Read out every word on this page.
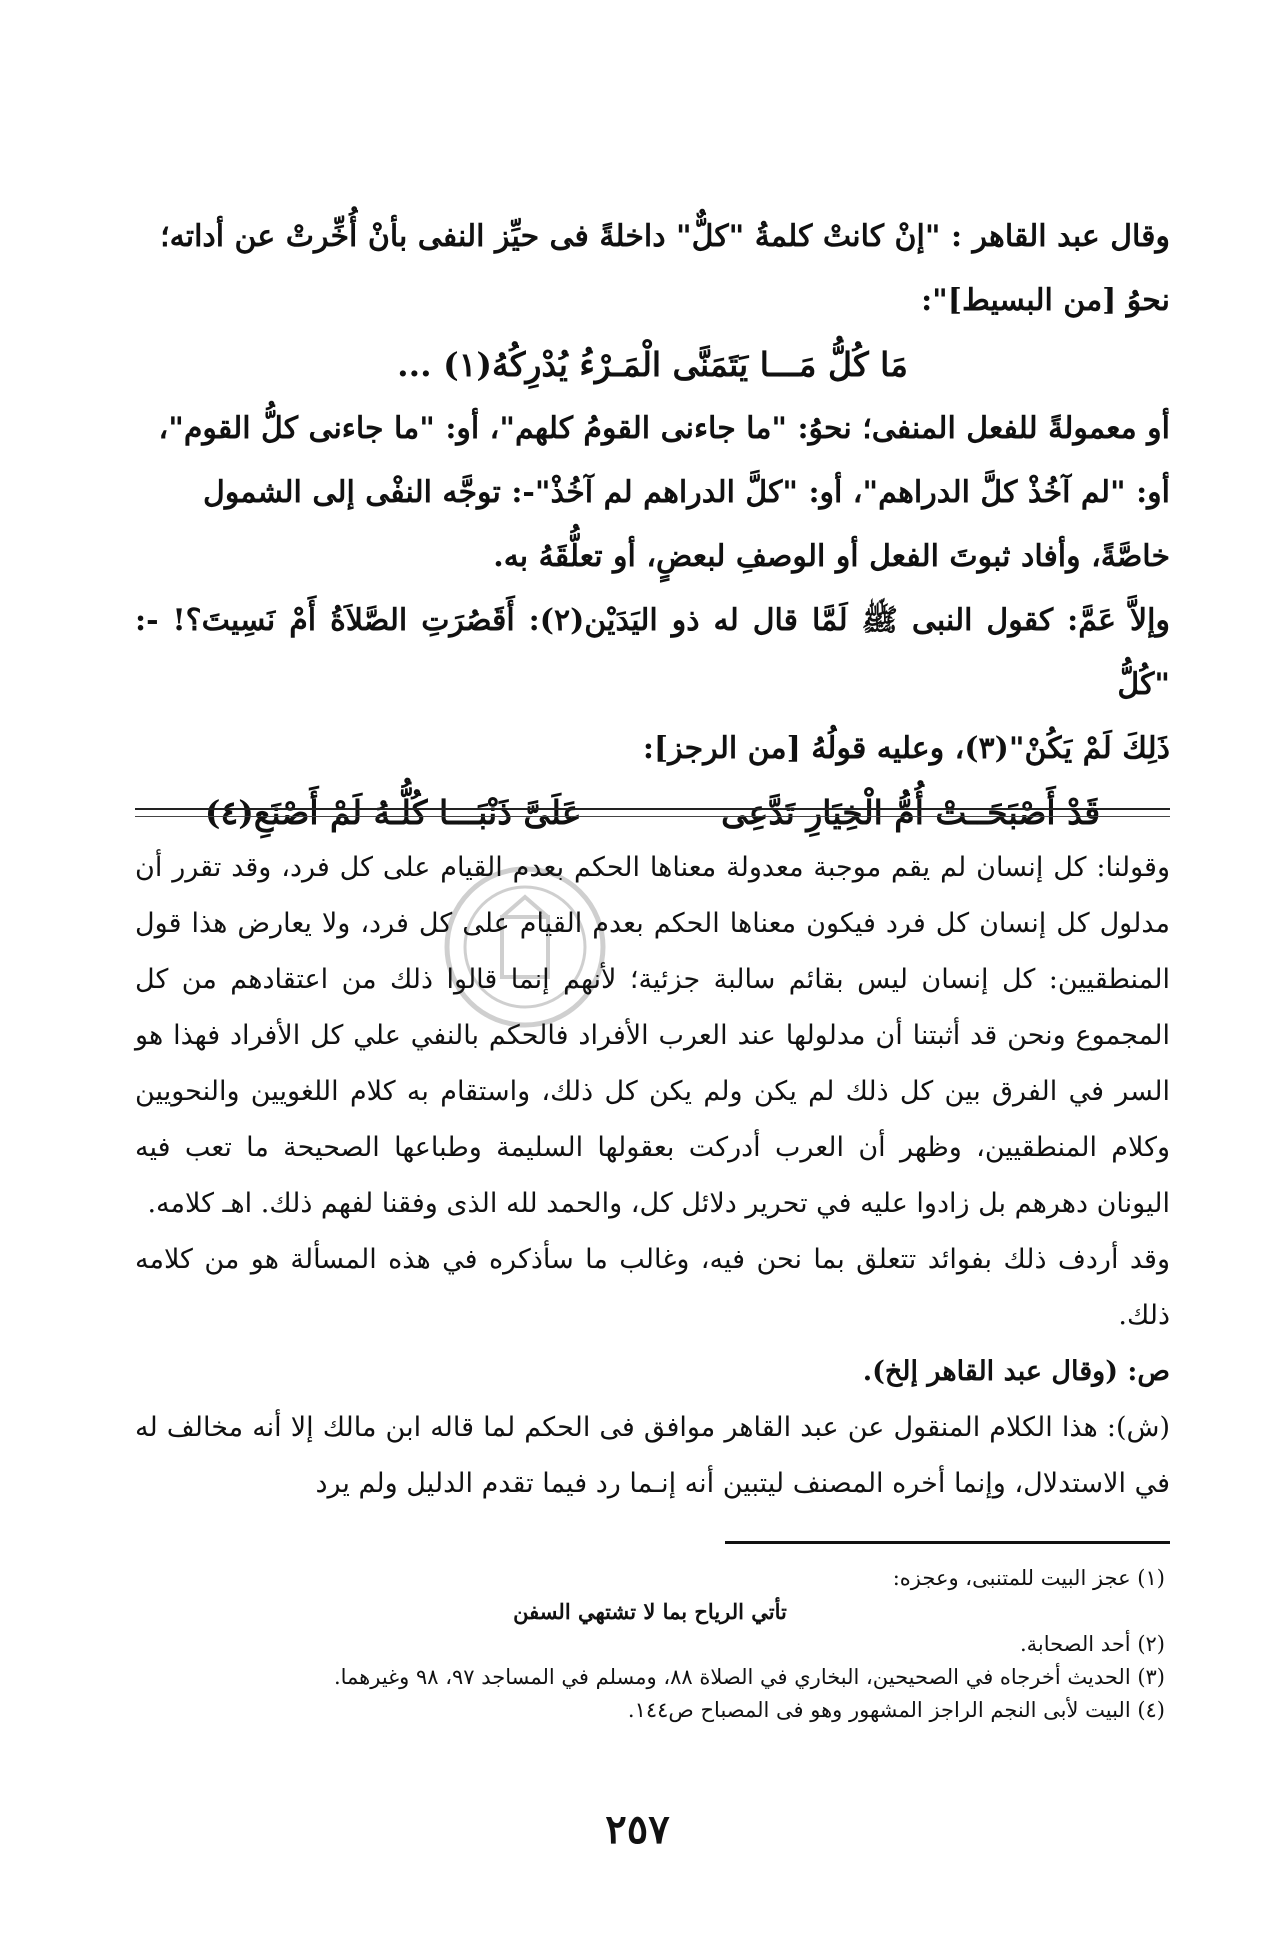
وقال عبد القاهر : "إنْ كانتْ كلمةُ "كلٌّ" داخلةً فى حيِّز النفى بأنْ أُخِّرتْ عن أداته؛

نحوُ [من البسيط]":

مَا كُلُّ مَـــا يَتَمَنَّى الْمَـرْءُ يُدْرِكُهُ(١) ...

أو معمولةً للفعل المنفى؛ نحوُ: "ما جاءنى القومُ كلهم"، أو: "ما جاءنى كلُّ القوم"،

أو: "لم آخُذْ كلَّ الدراهم"، أو: "كلَّ الدراهم لم آخُذْ"-: توجَّه النفْى إلى الشمول

خاصَّةً، وأفاد ثبوتَ الفعل أو الوصفِ لبعضٍ، أو تعلُّقَهُ به.

وإلاَّ عَمَّ: كقول النبى ﷺ لَمَّا قال له ذو اليَدَيْن(٢): أَقَصُرَتِ الصَّلاَةُ أَمْ نَسِيتَ؟! -: "كُلُّ

ذَلِكَ لَمْ يَكُنْ"(٣)، وعليه قولُهُ [من الرجز]:

قَدْ أَصْبَحَــتْ أُمُّ الْخِيَارِ تَدَّعِى
عَلَىَّ ذَنْبَـــا كُلُّـهُ لَمْ أَصْنَعِ(٤)

وقولنا: كل إنسان لم يقم موجبة معدولة معناها الحكم بعدم القيام على كل فرد، وقد تقرر أن مدلول كل إنسان كل فرد فيكون معناها الحكم بعدم القيام على كل فرد، ولا يعارض هذا قول المنطقيين: كل إنسان ليس بقائم سالبة جزئية؛ لأنهم إنما قالوا ذلك من اعتقادهم من كل المجموع ونحن قد أثبتنا أن مدلولها عند العرب الأفراد فالحكم بالنفي علي كل الأفراد فهذا هو السر في الفرق بين كل ذلك لم يكن ولم يكن كل ذلك، واستقام به كلام اللغويين والنحويين وكلام المنطقيين، وظهر أن العرب أدركت بعقولها السليمة وطباعها الصحيحة ما تعب فيه اليونان دهرهم بل زادوا عليه في تحرير دلائل كل، والحمد لله الذى وفقنا لفهم ذلك. اهـ كلامه.

وقد أردف ذلك بفوائد تتعلق بما نحن فيه، وغالب ما سأذكره في هذه المسألة هو من كلامه ذلك.

ص: (وقال عبد القاهر إلخ).

(ش): هذا الكلام المنقول عن عبد القاهر موافق فى الحكم لما قاله ابن مالك إلا أنه مخالف له في الاستدلال، وإنما أخره المصنف ليتبين أنه إنـما رد فيما تقدم الدليل ولم يرد

(١) عجز البيت للمتنبى، وعجزه:
تأتي الرياح بما لا تشتهي السفن
(٢) أحد الصحابة.
(٣) الحديث أخرجاه في الصحيحين، البخاري في الصلاة ٨٨، ومسلم في المساجد ٩٧، ٩٨ وغيرهما.
(٤) البيت لأبى النجم الراجز المشهور وهو فى المصباح ص١٤٤.
٢٥٧
